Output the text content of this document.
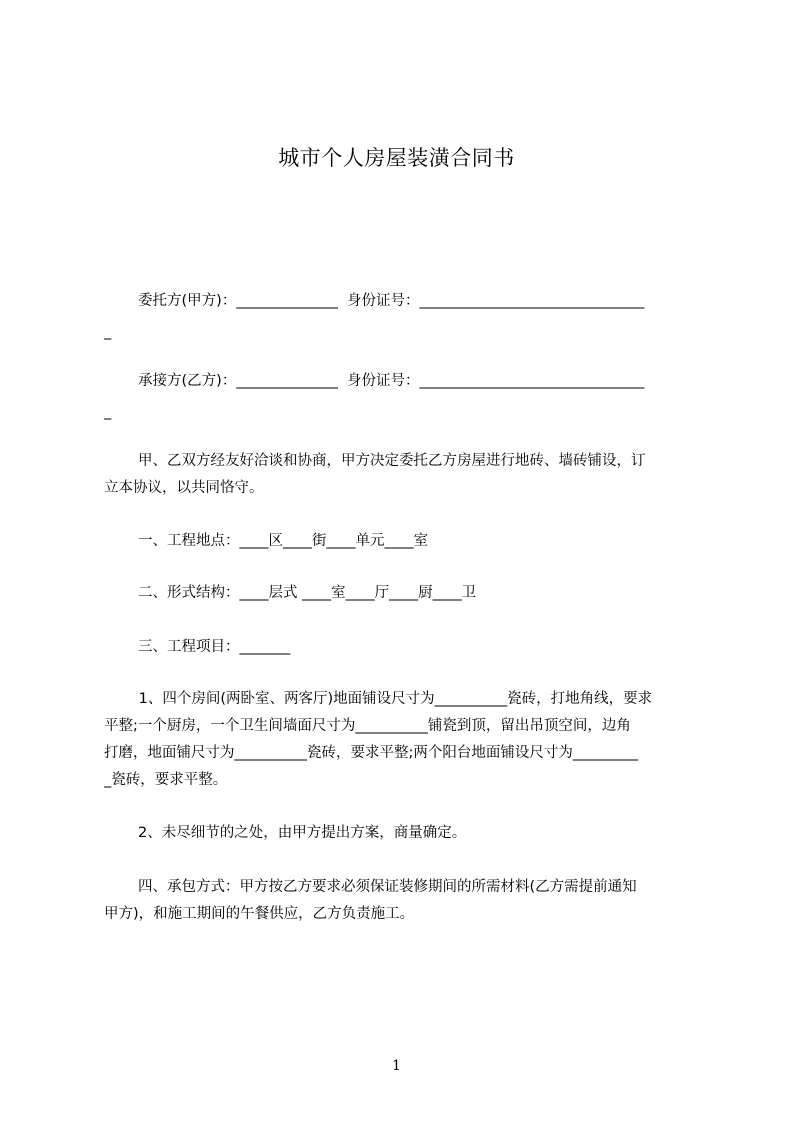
城市个人房屋装潢合同书
委托方(甲方)：______________  身份证号：_______________________________
_
承接方(乙方)：______________  身份证号：_______________________________
_
甲、乙双方经友好洽谈和协商，甲方决定委托乙方房屋进行地砖、墙砖铺设，订
立本协议，以共同恪守。
一、工程地点：____区____街____单元____室
二、形式结构：____层式 ____室____厅____厨____卫
三、工程项目：_______
1、四个房间(两卧室、两客厅)地面铺设尺寸为__________瓷砖，打地角线，要求
平整;一个厨房，一个卫生间墙面尺寸为__________铺瓷到顶，留出吊顶空间，边角
打磨，地面铺尺寸为__________瓷砖，要求平整;两个阳台地面铺设尺寸为_________
_瓷砖，要求平整。
2、未尽细节的之处，由甲方提出方案，商量确定。
四、承包方式：甲方按乙方要求必须保证装修期间的所需材料(乙方需提前通知
甲方)，和施工期间的午餐供应，乙方负责施工。
1
